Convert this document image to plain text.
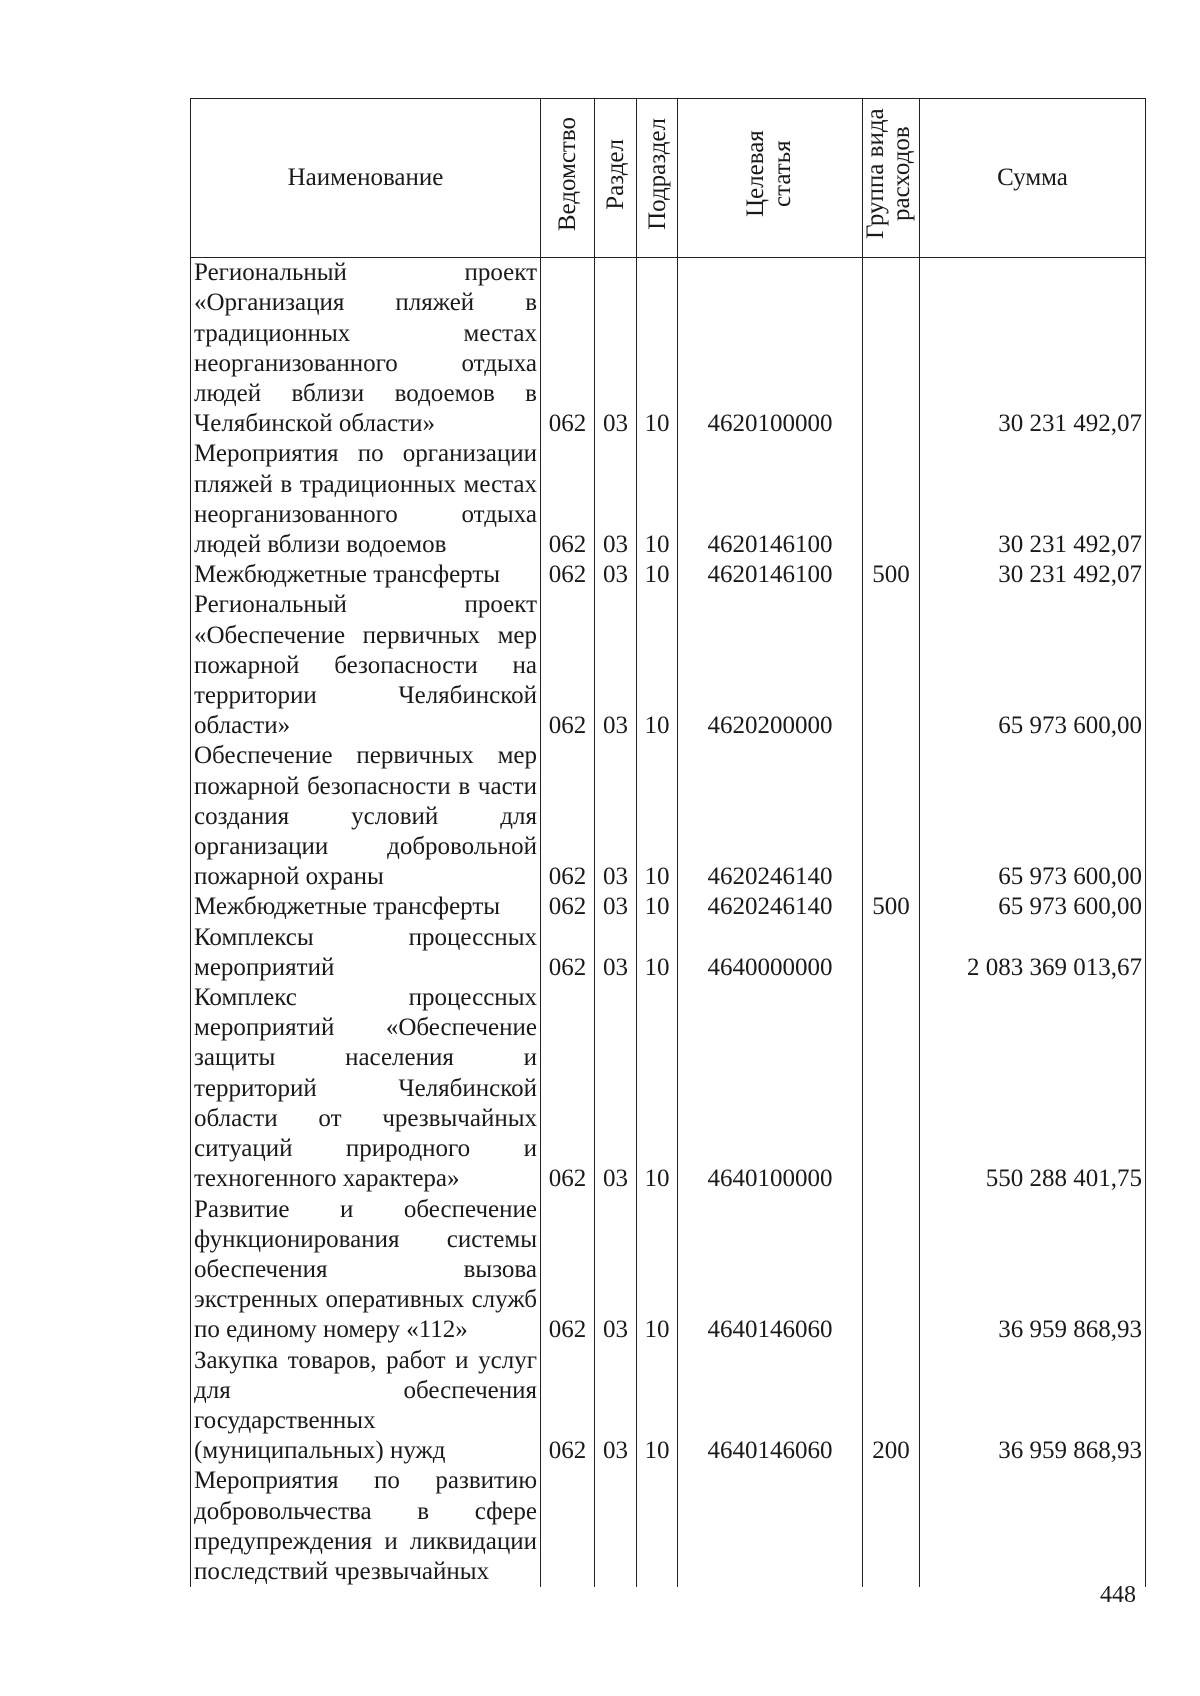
Наименование	Ведомство	Раздел	Подраздел	Целевая статья	Группа вида расходов	Сумма
Региональный проект «Организация пляжей в традиционных местах неорганизованного отдыха людей вблизи водоемов в Челябинской области»	062	03	10	4620100000		30 231 492,07
Мероприятия по организации пляжей в традиционных местах неорганизованного отдыха людей вблизи водоемов	062	03	10	4620146100		30 231 492,07
Межбюджетные трансферты	062	03	10	4620146100	500	30 231 492,07
Региональный проект «Обеспечение первичных мер пожарной безопасности на территории Челябинской области»	062	03	10	4620200000		65 973 600,00
Обеспечение первичных мер пожарной безопасности в части создания условий для организации добровольной пожарной охраны	062	03	10	4620246140		65 973 600,00
Межбюджетные трансферты	062	03	10	4620246140	500	65 973 600,00
Комплексы процессных мероприятий	062	03	10	4640000000		2 083 369 013,67
Комплекс процессных мероприятий «Обеспечение защиты населения и территорий Челябинской области от чрезвычайных ситуаций природного и техногенного характера»	062	03	10	4640100000		550 288 401,75
Развитие и обеспечение функционирования системы обеспечения вызова экстренных оперативных служб по единому номеру «112»	062	03	10	4640146060		36 959 868,93
Закупка товаров, работ и услуг для обеспечения государственных (муниципальных) нужд	062	03	10	4640146060	200	36 959 868,93
Мероприятия по развитию добровольчества в сфере предупреждения и ликвидации последствий чрезвычайных						
448
